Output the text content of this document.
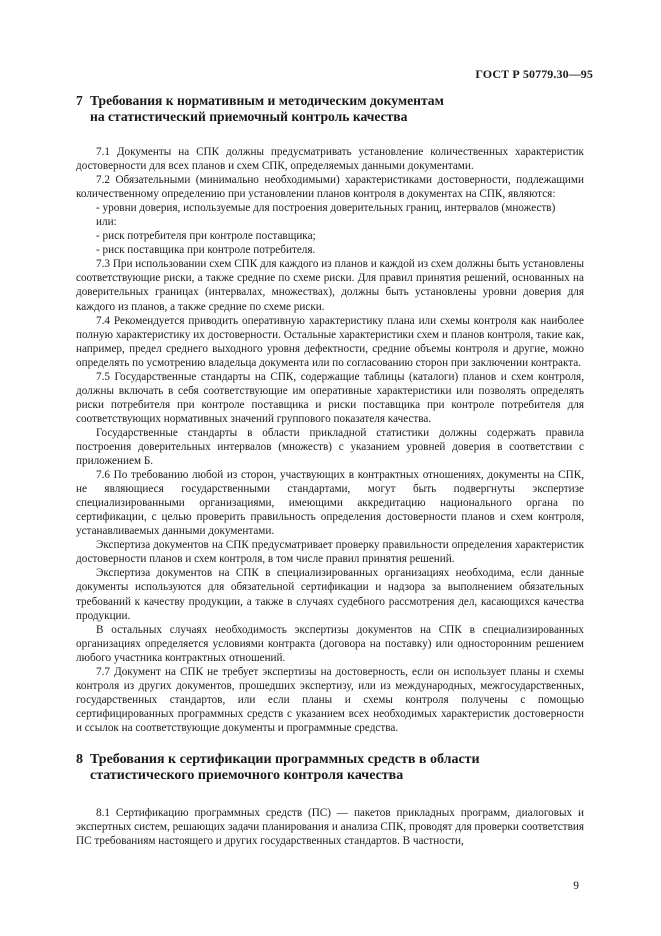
ГОСТ Р 50779.30—95
7 Требования к нормативным и методическим документам
на статистический приемочный контроль качества

7.1 Документы на СПК должны предусматривать установление количественных характеристик достоверности для всех планов и схем СПК, определяемых данными документами.

7.2 Обязательными (минимально необходимыми) характеристиками достоверности, подлежащими количественному определению при установлении планов контроля в документах на СПК, являются:

- уровни доверия, используемые для построения доверительных границ, интервалов (множеств)

или:

- риск потребителя при контроле поставщика;

- риск поставщика при контроле потребителя.

7.3 При использовании схем СПК для каждого из планов и каждой из схем должны быть установлены соответствующие риски, а также средние по схеме риски. Для правил принятия решений, основанных на доверительных границах (интервалах, множествах), должны быть установлены уровни доверия для каждого из планов, а также средние по схеме риски.

7.4 Рекомендуется приводить оперативную характеристику плана или схемы контроля как наиболее полную характеристику их достоверности. Остальные характеристики схем и планов контроля, такие как, например, предел среднего выходного уровня дефектности, средние объемы контроля и другие, можно определять по усмотрению владельца документа или по согласованию сторон при заключении контракта.

7.5 Государственные стандарты на СПК, содержащие таблицы (каталоги) планов и схем контроля, должны включать в себя соответствующие им оперативные характеристики или позволять определять риски потребителя при контроле поставщика и риски поставщика при контроле потребителя для соответствующих нормативных значений группового показателя качества.

Государственные стандарты в области прикладной статистики должны содержать правила построения доверительных интервалов (множеств) с указанием уровней доверия в соответствии с приложением Б.

7.6 По требованию любой из сторон, участвующих в контрактных отношениях, документы на СПК, не являющиеся государственными стандартами, могут быть подвергнуты экспертизе специализированными организациями, имеющими аккредитацию национального органа по сертификации, с целью проверить правильность определения достоверности планов и схем контроля, устанавливаемых данными документами.

Экспертиза документов на СПК предусматривает проверку правильности определения характеристик достоверности планов и схем контроля, в том числе правил принятия решений.

Экспертиза документов на СПК в специализированных организациях необходима, если данные документы используются для обязательной сертификации и надзора за выполнением обязательных требований к качеству продукции, а также в случаях судебного рассмотрения дел, касающихся качества продукции.

В остальных случаях необходимость экспертизы документов на СПК в специализированных организациях определяется условиями контракта (договора на поставку) или односторонним решением любого участника контрактных отношений.

7.7 Документ на СПК не требует экспертизы на достоверность, если он использует планы и схемы контроля из других документов, прошедших экспертизу, или из международных, межгосударственных, государственных стандартов, или если планы и схемы контроля получены с помощью сертифицированных программных средств с указанием всех необходимых характеристик достоверности и ссылок на соответствующие документы и программные средства.

8 Требования к сертификации программных средств в области
статистического приемочного контроля качества

8.1 Сертификацию программных средств (ПС) — пакетов прикладных программ, диалоговых и экспертных систем, решающих задачи планирования и анализа СПК, проводят для проверки соответствия ПС требованиям настоящего и других государственных стандартов. В частности,

9
